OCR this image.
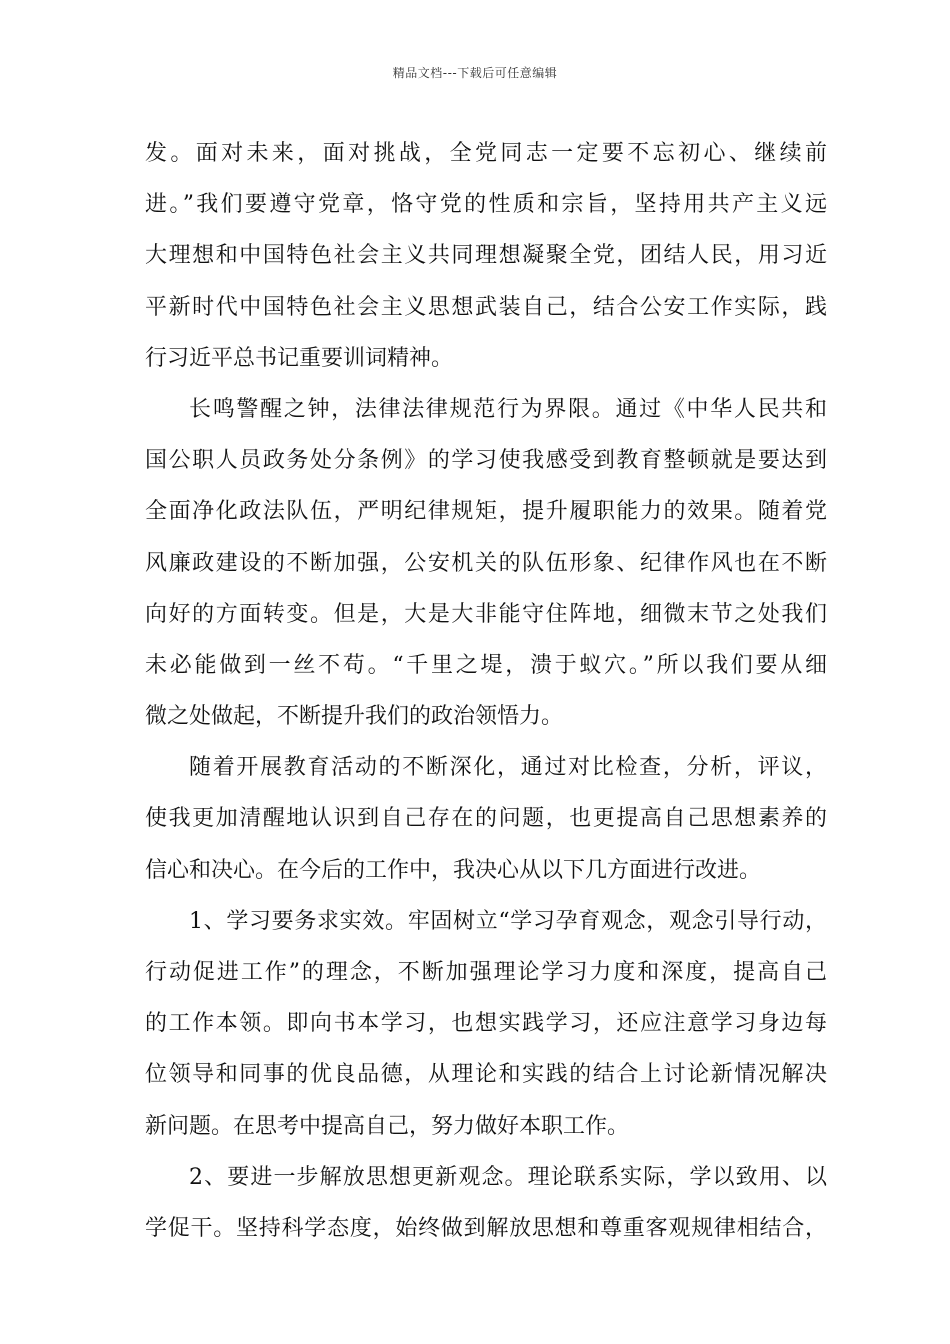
精品文档---下载后可任意编辑
发。面对未来，面对挑战，全党同志一定要不忘初心、继续前
进。”我们要遵守党章，恪守党的性质和宗旨，坚持用共产主义远
大理想和中国特色社会主义共同理想凝聚全党，团结人民，用习近
平新时代中国特色社会主义思想武装自己，结合公安工作实际，践
行习近平总书记重要训词精神。
长鸣警醒之钟，法律法律规范行为界限。通过《中华人民共和
国公职人员政务处分条例》的学习使我感受到教育整顿就是要达到
全面净化政法队伍，严明纪律规矩，提升履职能力的效果。随着党
风廉政建设的不断加强，公安机关的队伍形象、纪律作风也在不断
向好的方面转变。但是，大是大非能守住阵地，细微末节之处我们
未必能做到一丝不苟。“千里之堤，溃于蚁穴。”所以我们要从细
微之处做起，不断提升我们的政治领悟力。
随着开展教育活动的不断深化，通过对比检查，分析，评议，
使我更加清醒地认识到自己存在的问题，也更提高自己思想素养的
信心和决心。在今后的工作中，我决心从以下几方面进行改进。
1、学习要务求实效。牢固树立“学习孕育观念，观念引导行动，
行动促进工作”的理念，不断加强理论学习力度和深度，提高自己
的工作本领。即向书本学习，也想实践学习，还应注意学习身边每
位领导和同事的优良品德，从理论和实践的结合上讨论新情况解决
新问题。在思考中提高自己，努力做好本职工作。
2、要进一步解放思想更新观念。理论联系实际，学以致用、以
学促干。坚持科学态度，始终做到解放思想和尊重客观规律相结合，
